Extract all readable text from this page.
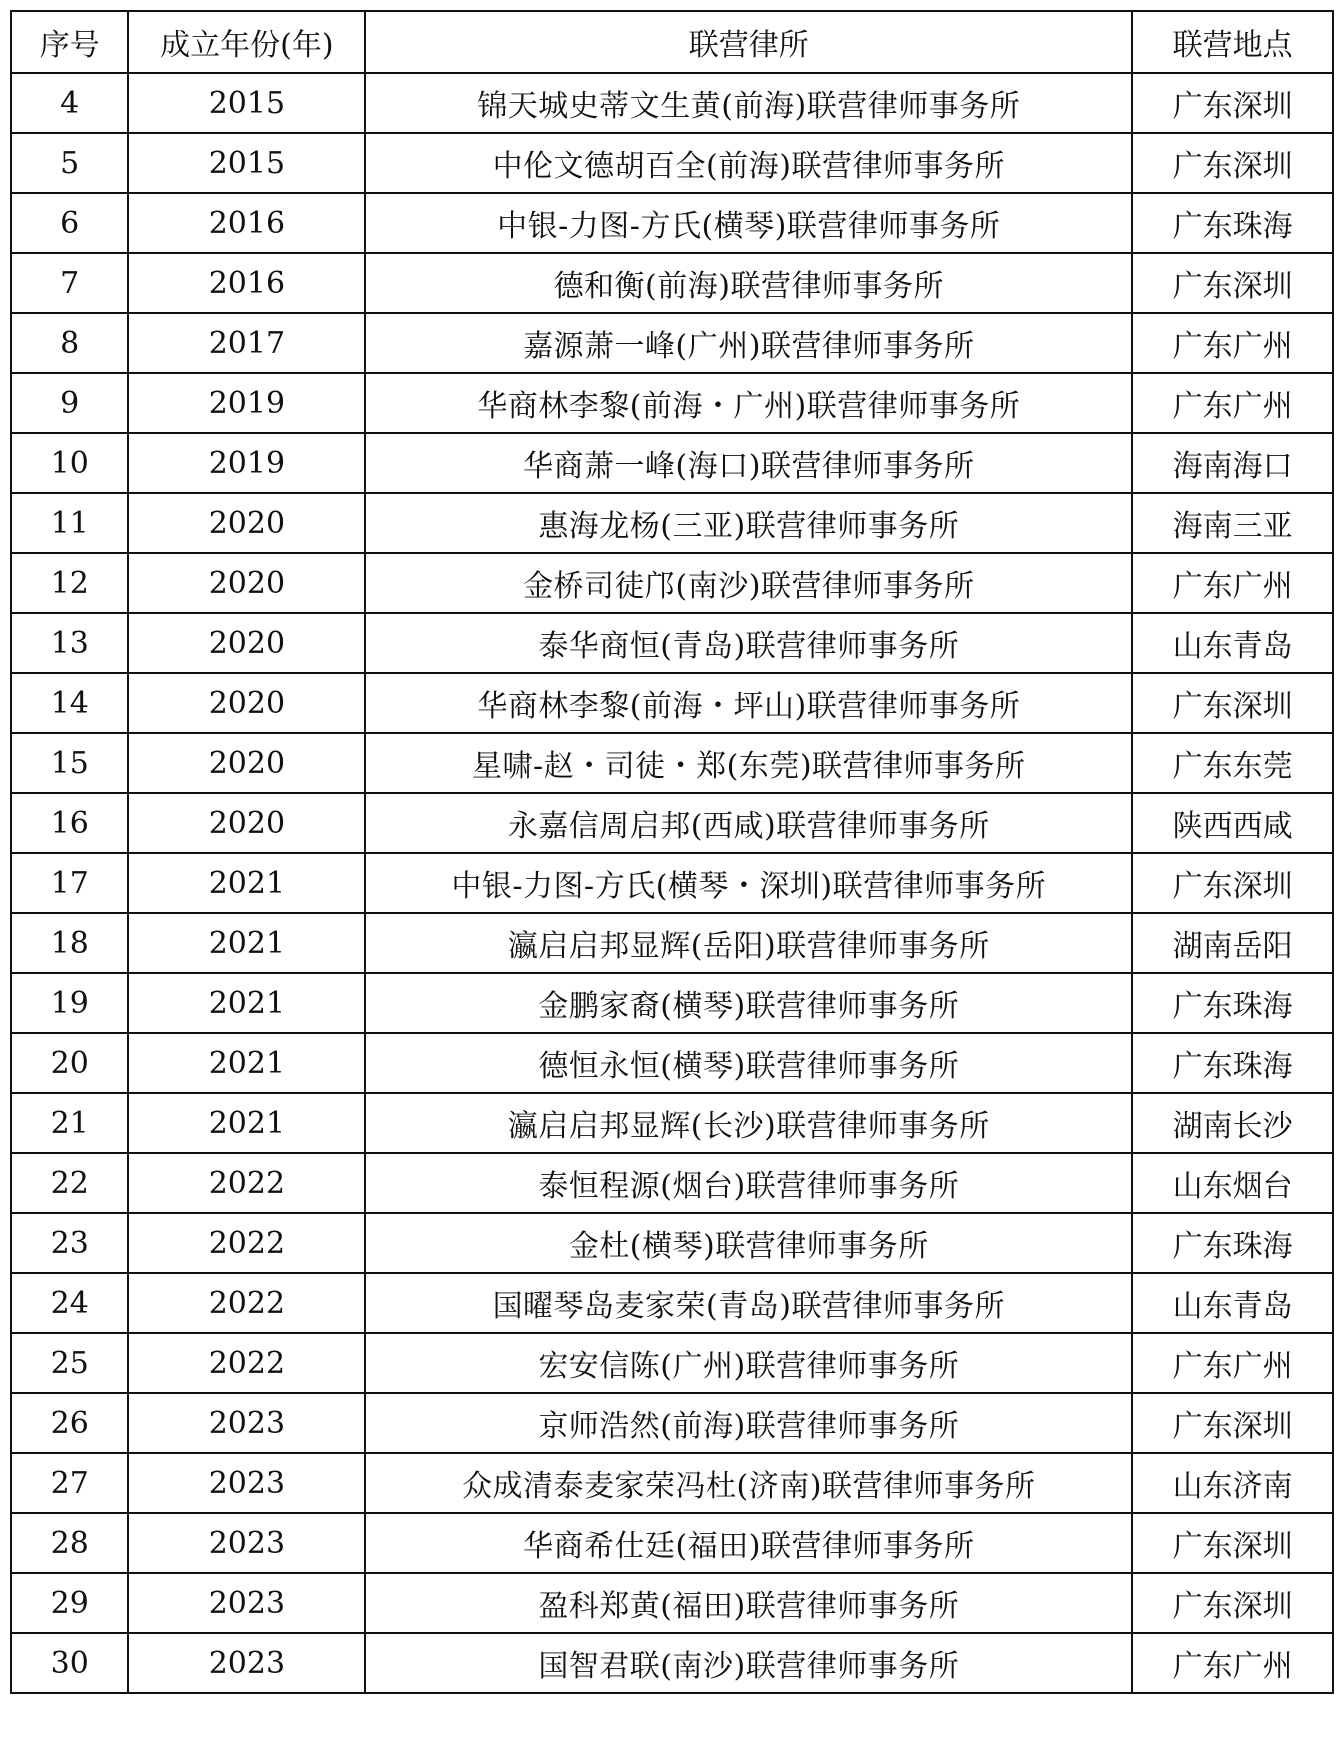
序号	成立年份(年)	联营律所	联营地点
4	2015	锦天城史蒂文生黄(前海)联营律师事务所	广东深圳
5	2015	中伦文德胡百全(前海)联营律师事务所	广东深圳
6	2016	中银-力图-方氏(横琴)联营律师事务所	广东珠海
7	2016	德和衡(前海)联营律师事务所	广东深圳
8	2017	嘉源萧一峰(广州)联营律师事务所	广东广州
9	2019	华商林李黎(前海・广州)联营律师事务所	广东广州
10	2019	华商萧一峰(海口)联营律师事务所	海南海口
11	2020	惠海龙杨(三亚)联营律师事务所	海南三亚
12	2020	金桥司徒邝(南沙)联营律师事务所	广东广州
13	2020	泰华商恒(青岛)联营律师事务所	山东青岛
14	2020	华商林李黎(前海・坪山)联营律师事务所	广东深圳
15	2020	星啸-赵・司徒・郑(东莞)联营律师事务所	广东东莞
16	2020	永嘉信周启邦(西咸)联营律师事务所	陕西西咸
17	2021	中银-力图-方氏(横琴・深圳)联营律师事务所	广东深圳
18	2021	瀛启启邦显辉(岳阳)联营律师事务所	湖南岳阳
19	2021	金鹏家裔(横琴)联营律师事务所	广东珠海
20	2021	德恒永恒(横琴)联营律师事务所	广东珠海
21	2021	瀛启启邦显辉(长沙)联营律师事务所	湖南长沙
22	2022	泰恒程源(烟台)联营律师事务所	山东烟台
23	2022	金杜(横琴)联营律师事务所	广东珠海
24	2022	国曜琴岛麦家荣(青岛)联营律师事务所	山东青岛
25	2022	宏安信陈(广州)联营律师事务所	广东广州
26	2023	京师浩然(前海)联营律师事务所	广东深圳
27	2023	众成清泰麦家荣冯杜(济南)联营律师事务所	山东济南
28	2023	华商希仕廷(福田)联营律师事务所	广东深圳
29	2023	盈科郑黄(福田)联营律师事务所	广东深圳
30	2023	国智君联(南沙)联营律师事务所	广东广州
